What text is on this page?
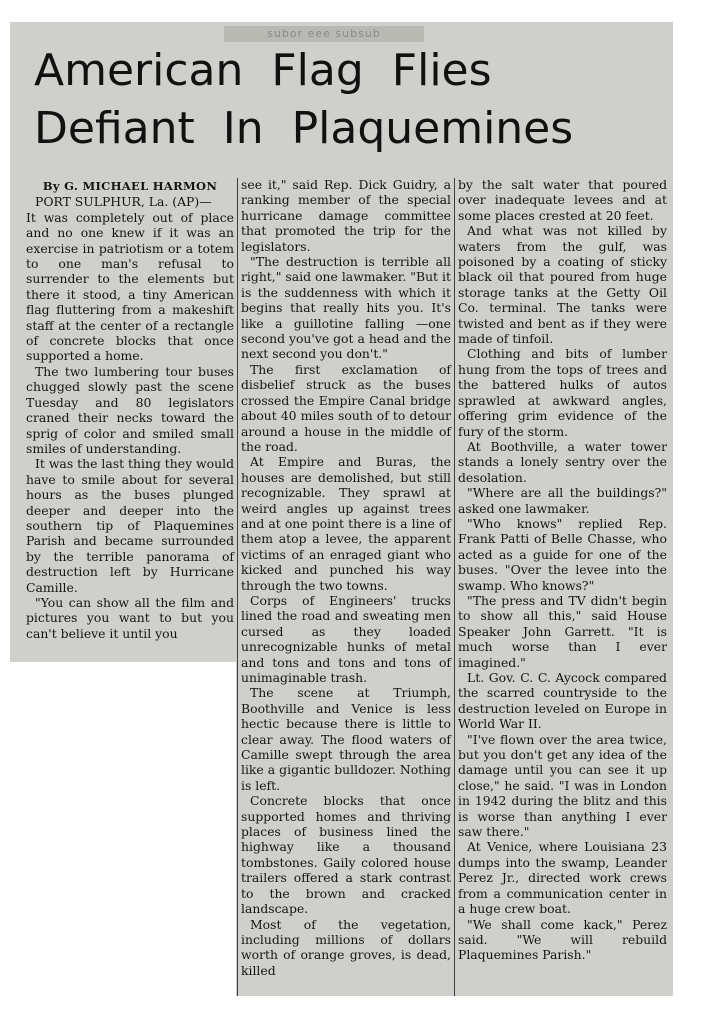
subor eee subsub
American Flag Flies
Defiant In Plaquemines
By G. MICHAEL HARMON

PORT SULPHUR, La. (AP)—

It was completely out of place and no one knew if it was an exercise in patriotism or a totem to one man's refusal to surrender to the elements but there it stood, a tiny American flag fluttering from a makeshift staff at the center of a rectangle of concrete blocks that once supported a home.

The two lumbering tour buses chugged slowly past the scene Tuesday and 80 legislators craned their necks toward the sprig of color and smiled small smiles of understanding.

It was the last thing they would have to smile about for several hours as the buses plunged deeper and deeper into the southern tip of Plaquemines Parish and became surrounded by the terrible panorama of destruction left by Hurricane Camille.

"You can show all the film and pictures you want to but you can't believe it until you

see it," said Rep. Dick Guidry, a ranking member of the special hurricane damage committee that promoted the trip for the legislators.

"The destruction is terrible all right," said one lawmaker. "But it is the suddenness with which it begins that really hits you. It's like a guillotine falling —one second you've got a head and the next second you don't."

The first exclamation of disbelief struck as the buses crossed the Empire Canal bridge about 40 miles south of to detour around a house in the middle of the road.

At Empire and Buras, the houses are demolished, but still recognizable. They sprawl at weird angles up against trees and at one point there is a line of them atop a levee, the apparent victims of an enraged giant who kicked and punched his way through the two towns.

Corps of Engineers' trucks lined the road and sweating men cursed as they loaded unrecognizable hunks of metal and tons and tons and tons of unimaginable trash.

The scene at Triumph, Boothville and Venice is less hectic because there is little to clear away. The flood waters of Camille swept through the area like a gigantic bulldozer. Nothing is left.

Concrete blocks that once supported homes and thriving places of business lined the highway like a thousand tombstones. Gaily colored house trailers offered a stark contrast to the brown and cracked landscape.

Most of the vegetation, including millions of dollars worth of orange groves, is dead, killed

by the salt water that poured over inadequate levees and at some places crested at 20 feet.

And what was not killed by waters from the gulf, was poisoned by a coating of sticky black oil that poured from huge storage tanks at the Getty Oil Co. terminal. The tanks were twisted and bent as if they were made of tinfoil.

Clothing and bits of lumber hung from the tops of trees and the battered hulks of autos sprawled at awkward angles, offering grim evidence of the fury of the storm.

At Boothville, a water tower stands a lonely sentry over the desolation.

"Where are all the buildings?" asked one lawmaker.

"Who knows" replied Rep. Frank Patti of Belle Chasse, who acted as a guide for one of the buses. "Over the levee into the swamp. Who knows?"

"The press and TV didn't begin to show all this," said House Speaker John Garrett. "It is much worse than I ever imagined."

Lt. Gov. C. C. Aycock compared the scarred countryside to the destruction leveled on Europe in World War II.

"I've flown over the area twice, but you don't get any idea of the damage until you can see it up close," he said. "I was in London in 1942 during the blitz and this is worse than anything I ever saw there."

At Venice, where Louisiana 23 dumps into the swamp, Leander Perez Jr., directed work crews from a communication center in a huge crew boat.

"We shall come kack," Perez said. "We will rebuild Plaquemines Parish."
